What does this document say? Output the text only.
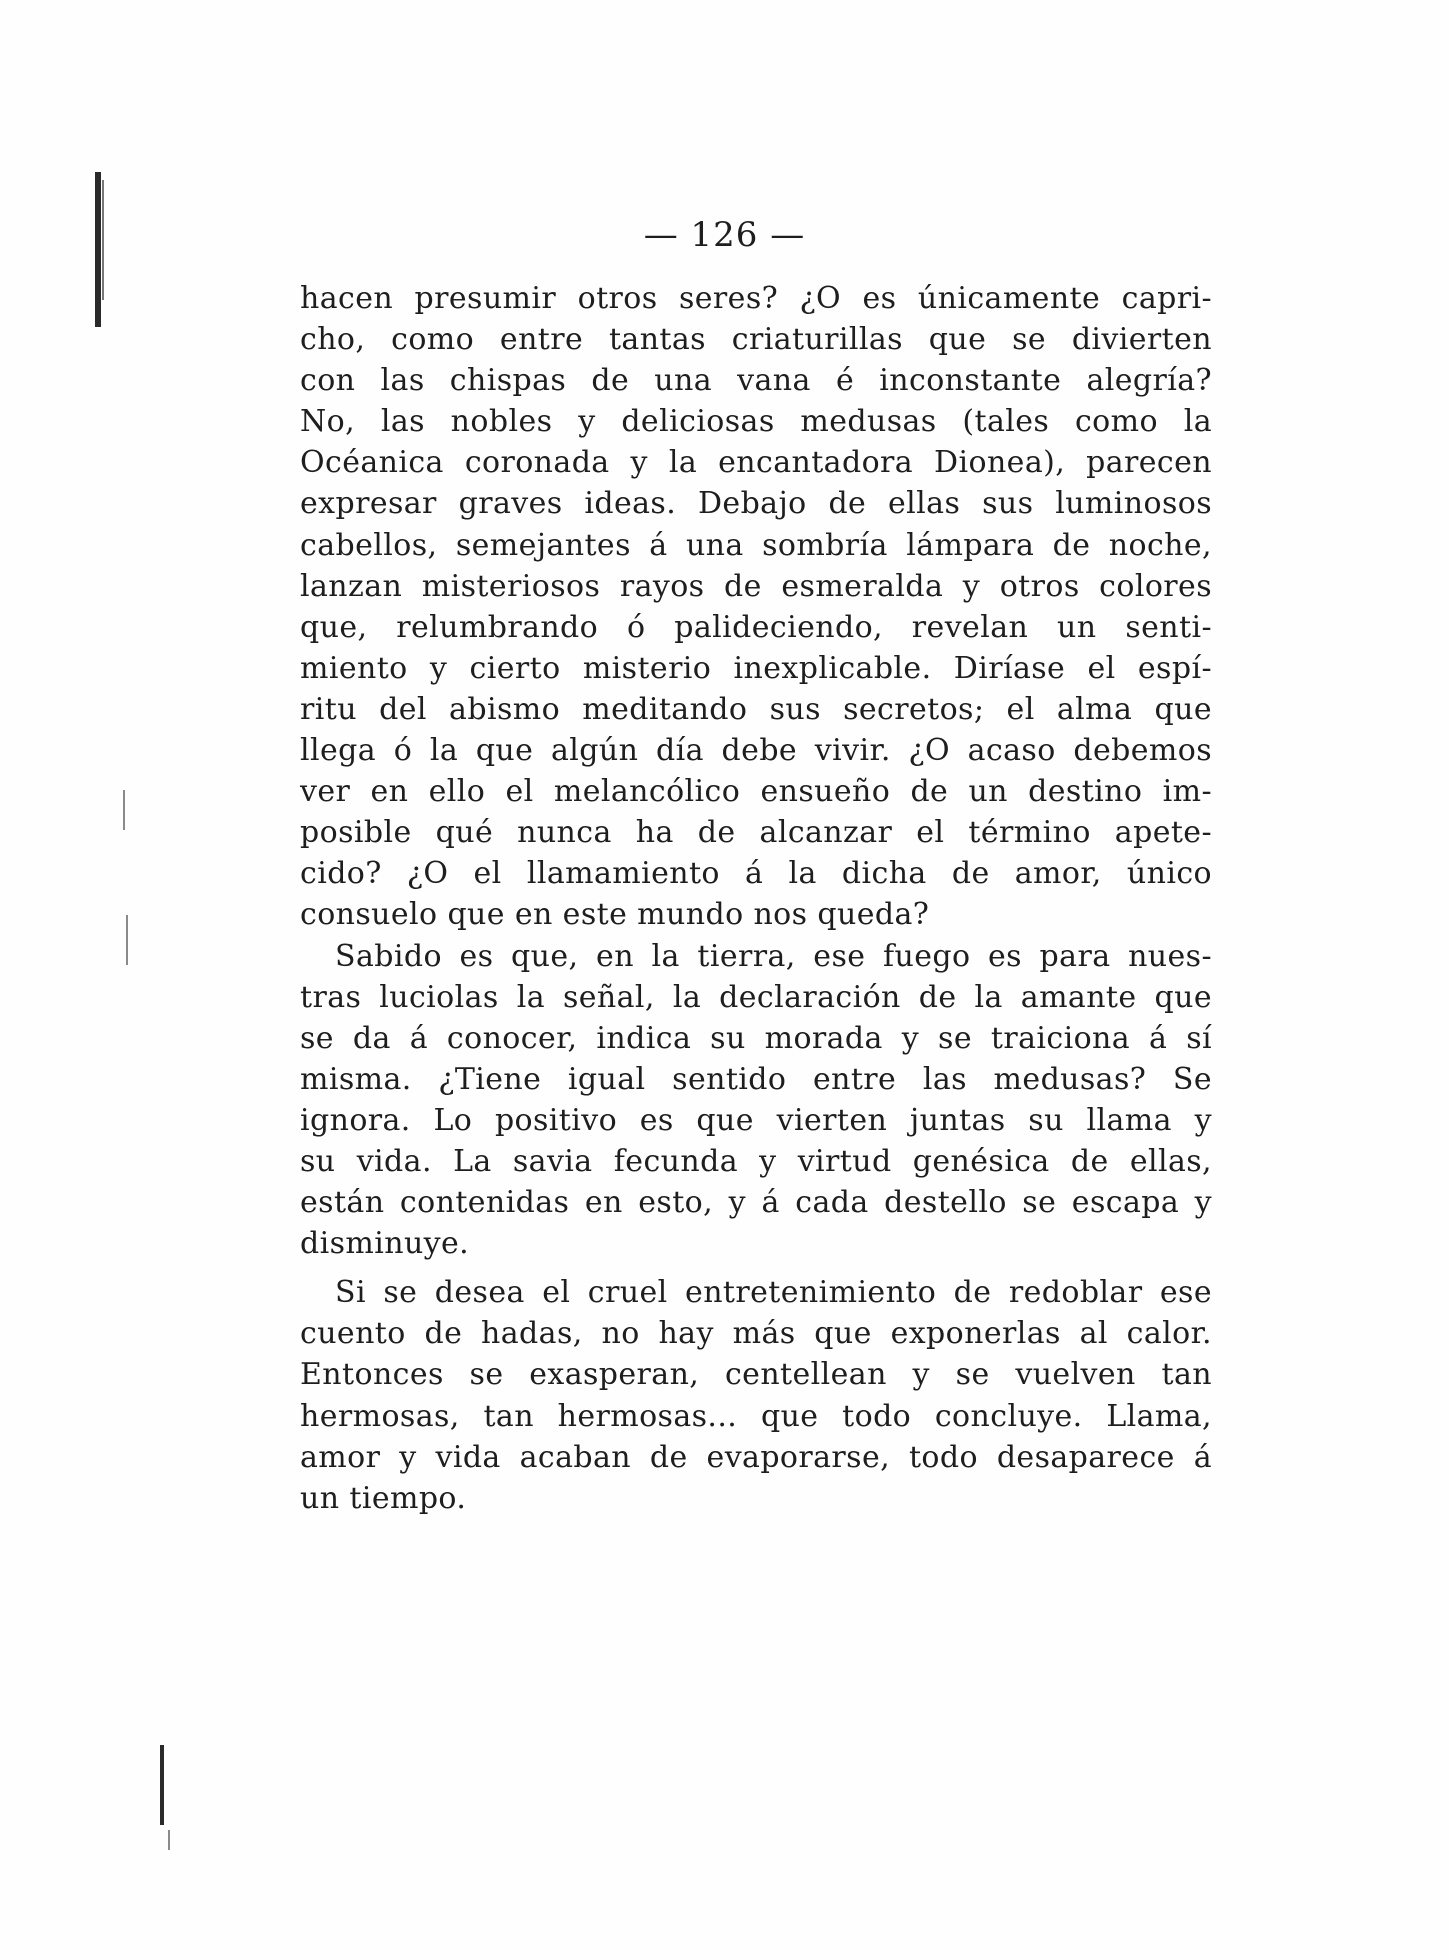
— 126 —
hacen presumir otros seres? ¿O es únicamente capri-
cho, como entre tantas criaturillas que se divierten
con las chispas de una vana é inconstante alegría?
No, las nobles y deliciosas medusas (tales como la
Océanica coronada y la encantadora Dionea), parecen
expresar graves ideas. Debajo de ellas sus luminosos
cabellos, semejantes á una sombría lámpara de noche,
lanzan misteriosos rayos de esmeralda y otros colores
que, relumbrando ó palideciendo, revelan un senti-
miento y cierto misterio inexplicable. Diríase el espí-
ritu del abismo meditando sus secretos; el alma que
llega ó la que algún día debe vivir. ¿O acaso debemos
ver en ello el melancólico ensueño de un destino im-
posible qué nunca ha de alcanzar el término apete-
cido? ¿O el llamamiento á la dicha de amor, único
consuelo que en este mundo nos queda?
Sabido es que, en la tierra, ese fuego es para nues-
tras luciolas la señal, la declaración de la amante que
se da á conocer, indica su morada y se traiciona á sí
misma. ¿Tiene igual sentido entre las medusas? Se
ignora. Lo positivo es que vierten juntas su llama y
su vida. La savia fecunda y virtud genésica de ellas,
están contenidas en esto, y á cada destello se escapa y
disminuye.
Si se desea el cruel entretenimiento de redoblar ese
cuento de hadas, no hay más que exponerlas al calor.
Entonces se exasperan, centellean y se vuelven tan
hermosas, tan hermosas... que todo concluye. Llama,
amor y vida acaban de evaporarse, todo desaparece á
un tiempo.
